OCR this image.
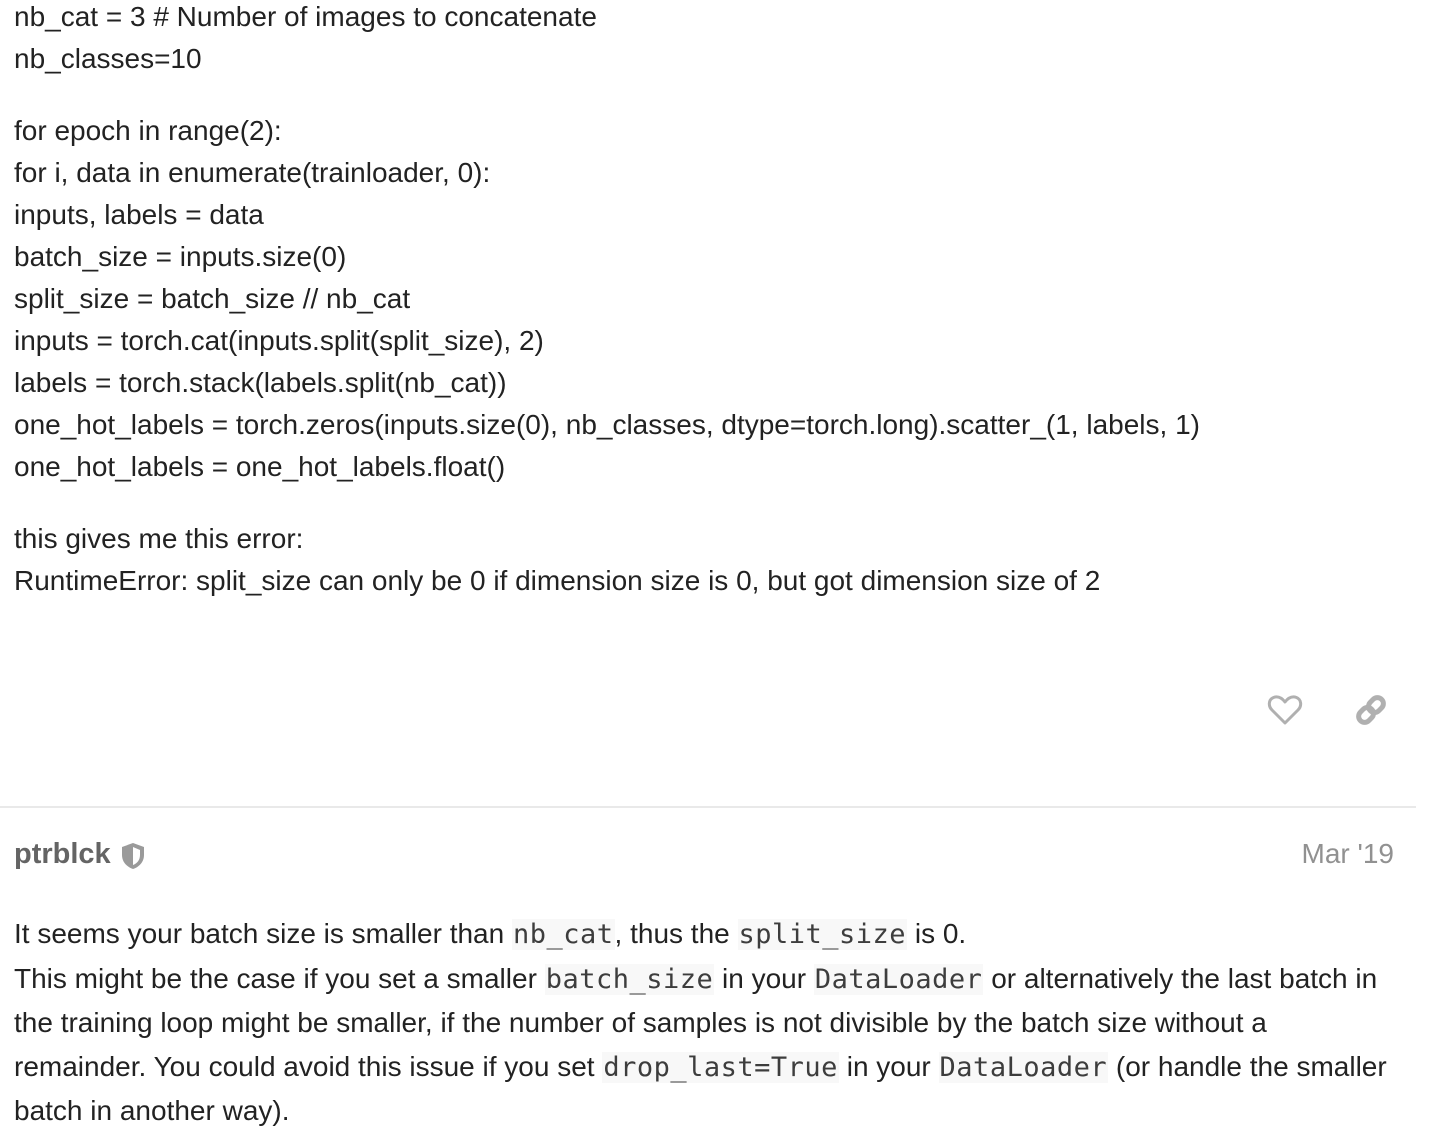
nb_cat = 3 # Number of images to concatenate
nb_classes=10
for epoch in range(2):
for i, data in enumerate(trainloader, 0):
inputs, labels = data
batch_size = inputs.size(0)
split_size = batch_size // nb_cat
inputs = torch.cat(inputs.split(split_size), 2)
labels = torch.stack(labels.split(nb_cat))
one_hot_labels = torch.zeros(inputs.size(0), nb_classes, dtype=torch.long).scatter_(1, labels, 1)
one_hot_labels = one_hot_labels.float()
this gives me this error:
RuntimeError: split_size can only be 0 if dimension size is 0, but got dimension size of 2
ptrblck	Mar '19
It seems your batch size is smaller than nb_cat, thus the split_size is 0.
This might be the case if you set a smaller batch_size in your DataLoader or alternatively the last batch in the training loop might be smaller, if the number of samples is not divisible by the batch size without a remainder. You could avoid this issue if you set drop_last=True in your DataLoader (or handle the smaller batch in another way).
